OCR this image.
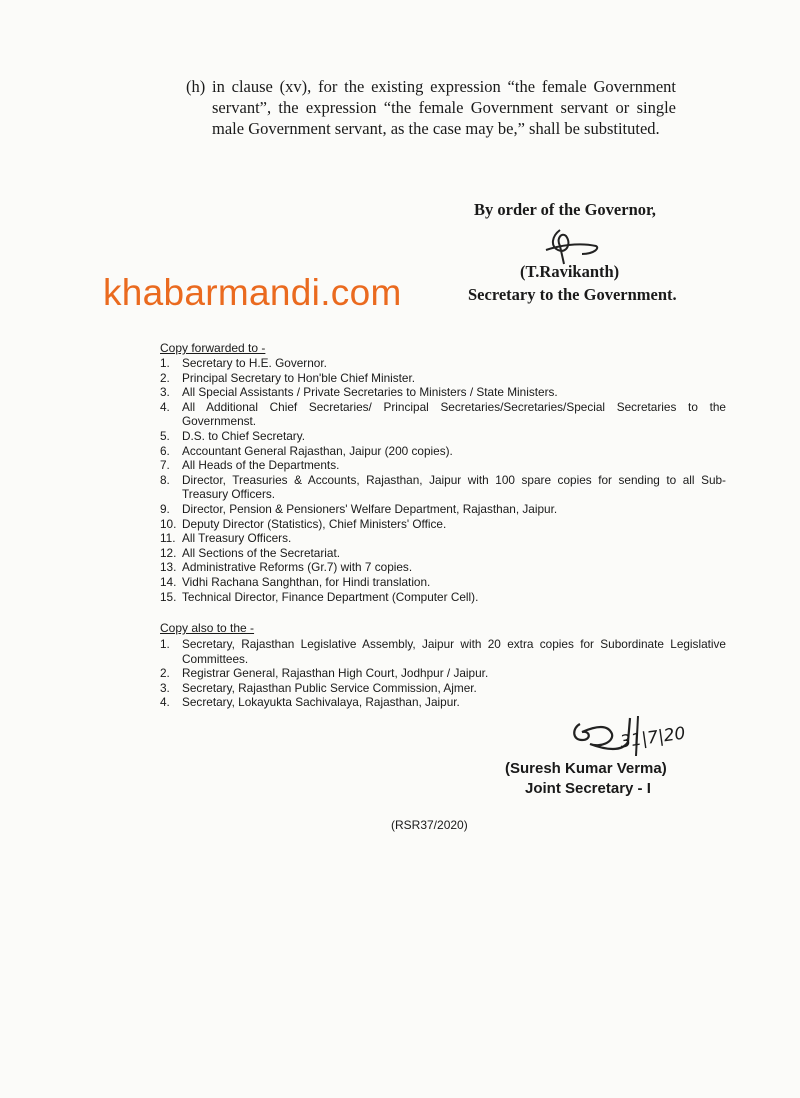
(h) in clause (xv), for the existing expression “the female Government servant”, the expression “the female Government servant or single male Government servant, as the case may be,” shall be substituted.
By order of the Governor,
(T.Ravikanth)
Secretary to the Government.
khabarmandi.com
Copy forwarded to -
1. Secretary to H.E. Governor.
2. Principal Secretary to Hon'ble Chief Minister.
3. All Special Assistants / Private Secretaries to Ministers / State Ministers.
4. All Additional Chief Secretaries/ Principal Secretaries/Secretaries/Special Secretaries to the Governmenst.
5. D.S. to Chief Secretary.
6. Accountant General Rajasthan, Jaipur (200 copies).
7. All Heads of the Departments.
8. Director, Treasuries & Accounts, Rajasthan, Jaipur with 100 spare copies for sending to all Sub-Treasury Officers.
9. Director, Pension & Pensioners' Welfare Department, Rajasthan, Jaipur.
10. Deputy Director (Statistics), Chief Ministers' Office.
11. All Treasury Officers.
12. All Sections of the Secretariat.
13. Administrative Reforms (Gr.7) with 7 copies.
14. Vidhi Rachana Sanghthan, for Hindi translation.
15. Technical Director, Finance Department (Computer Cell).
Copy also to the -
1. Secretary, Rajasthan Legislative Assembly, Jaipur with 20 extra copies for Subordinate Legislative Committees.
2. Registrar General, Rajasthan High Court, Jodhpur / Jaipur.
3. Secretary, Rajasthan Public Service Commission, Ajmer.
4. Secretary, Lokayukta Sachivalaya, Rajasthan, Jaipur.
31|7|20
(Suresh Kumar Verma)
Joint Secretary - I
(RSR37/2020)
